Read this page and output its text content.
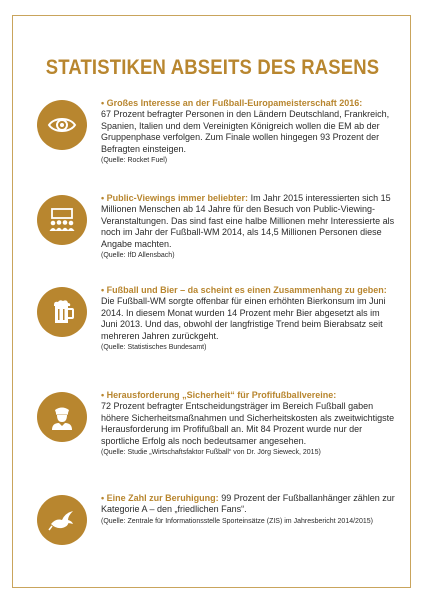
STATISTIKEN ABSEITS DES RASENS
• Großes Interesse an der Fußball-Europameisterschaft 2016:
67 Prozent befragter Personen in den Ländern Deutschland, Frankreich, Spanien, Italien und dem Vereinigten Königreich wollen die EM ab der Gruppenphase verfolgen. Zum Finale wollen hingegen 93 Prozent der Befragten einsteigen.
(Quelle: Rocket Fuel)
• Public-Viewings immer beliebter: Im Jahr 2015 interessierten sich 15 Millionen Menschen ab 14 Jahre für den Besuch von Public-Viewing-Veranstaltungen. Das sind fast eine halbe Millionen mehr Interessierte als noch im Jahr der Fußball-WM 2014, als 14,5 Millionen Personen diese Angabe machten.
(Quelle: IfD Allensbach)
• Fußball und Bier – da scheint es einen Zusammenhang zu geben: Die Fußball-WM sorgte offenbar für einen erhöhten Bierkonsum im Juni 2014. In diesem Monat wurden 14 Prozent mehr Bier abgesetzt als im Juni 2013. Und das, obwohl der langfristige Trend beim Bierabsatz seit mehreren Jahren zurückgeht.
(Quelle: Statistisches Bundesamt)
• Herausforderung „Sicherheit“ für Profifußballvereine:
72 Prozent befragter Entscheidungsträger im Bereich Fußball gaben höhere Sicherheitsmaßnahmen und Sicherheitskosten als zweitwichtigste Herausforderung im Profifußball an. Mit 84 Prozent wurde nur der sportliche Erfolg als noch bedeutsamer angesehen.
(Quelle: Studie „Wirtschaftsfaktor Fußball“ von Dr. Jörg Sieweck, 2015)
• Eine Zahl zur Beruhigung: 99 Prozent der Fußballanhänger zählen zur Kategorie A – den „friedlichen Fans“.
(Quelle: Zentrale für Informationsstelle Sporteinsätze (ZIS) im Jahresbericht 2014/2015)
